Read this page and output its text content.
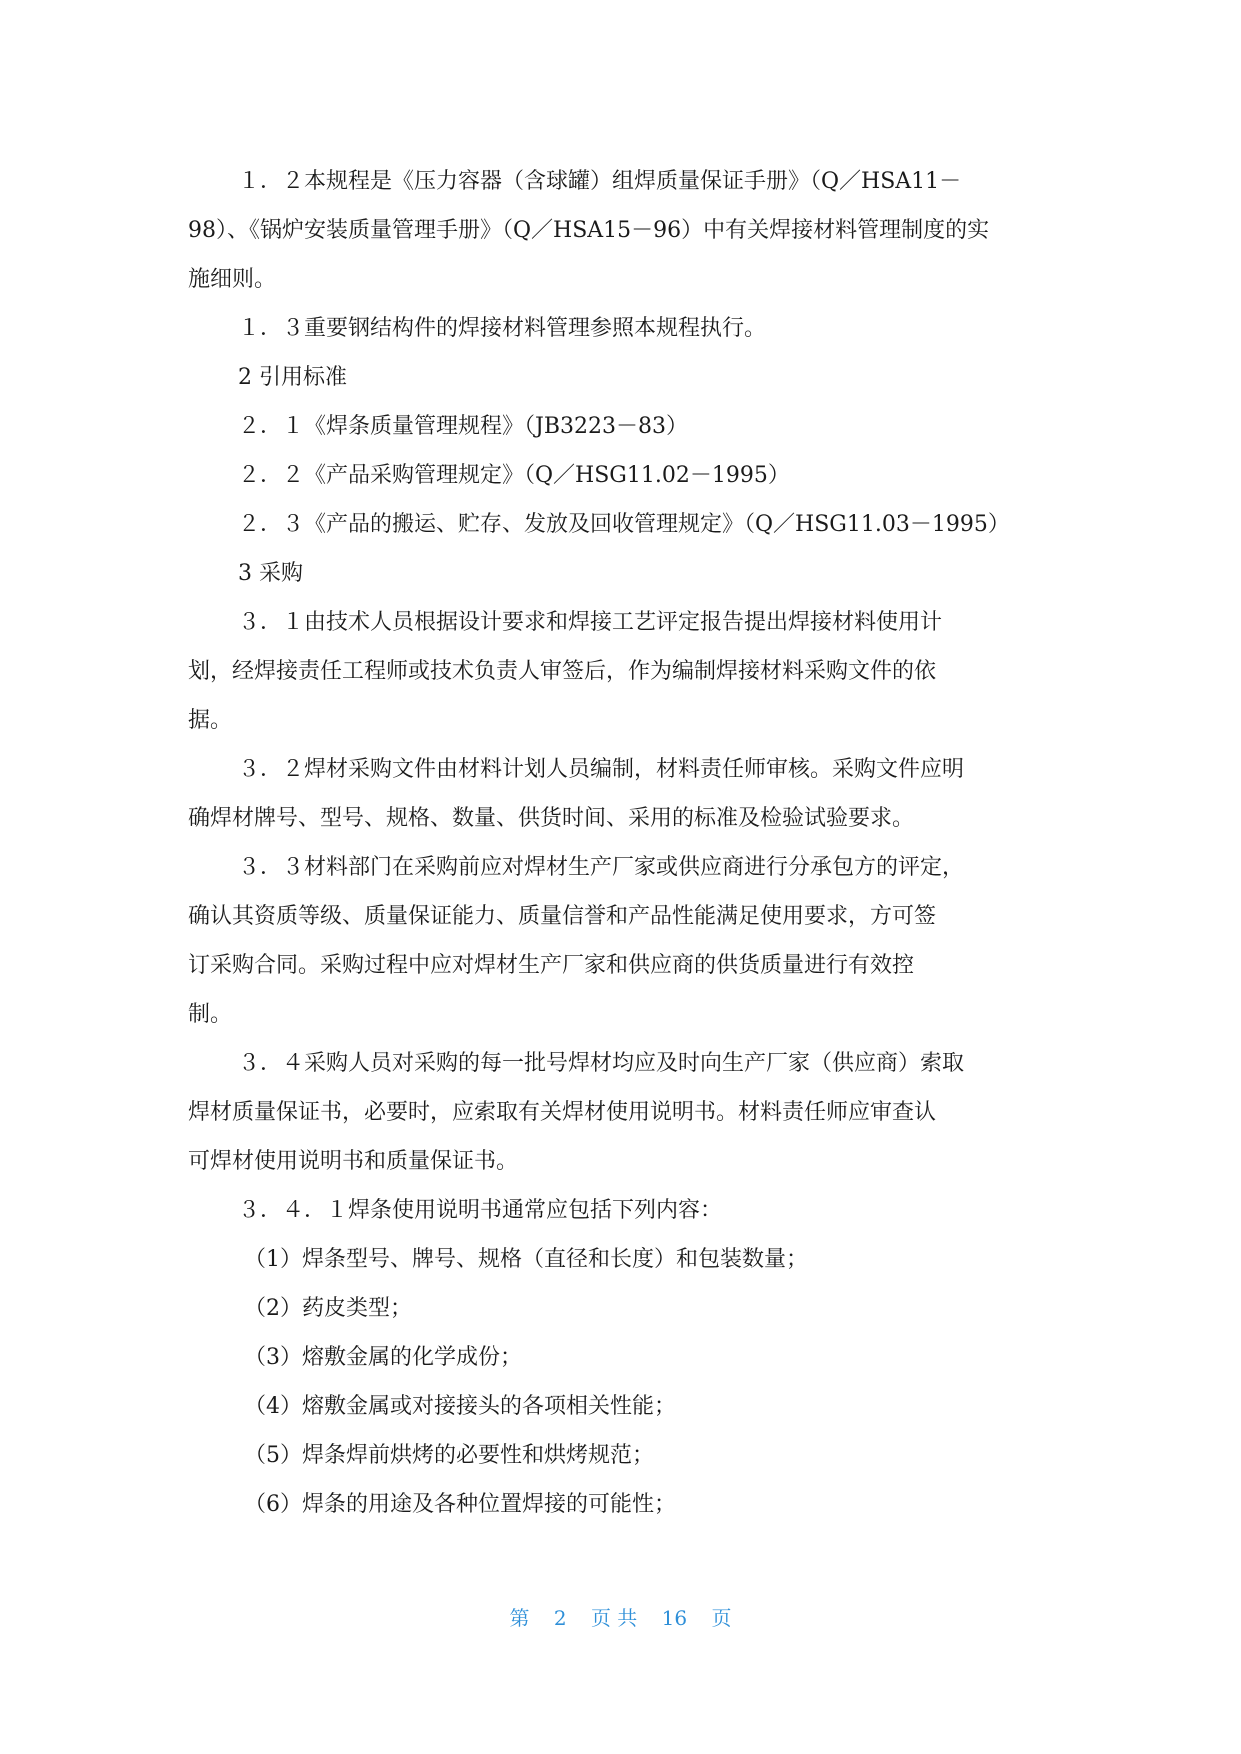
１．２本规程是《压力容器（含球罐）组焊质量保证手册》（Q／HSA11－

98）、《锅炉安装质量管理手册》（Q／HSA15－96）中有关焊接材料管理制度的实

施细则。

１．３重要钢结构件的焊接材料管理参照本规程执行。

2 引用标准

２．１《焊条质量管理规程》（JB3223－83）

２．２《产品采购管理规定》（Q／HSG11.02－1995）

２．３《产品的搬运、贮存、发放及回收管理规定》（Q／HSG11.03－1995）

3 采购

３．１由技术人员根据设计要求和焊接工艺评定报告提出焊接材料使用计

划，经焊接责任工程师或技术负责人审签后，作为编制焊接材料采购文件的依

据。

３．２焊材采购文件由材料计划人员编制，材料责任师审核。采购文件应明

确焊材牌号、型号、规格、数量、供货时间、采用的标准及检验试验要求。

３．３材料部门在采购前应对焊材生产厂家或供应商进行分承包方的评定，

确认其资质等级、质量保证能力、质量信誉和产品性能满足使用要求，方可签

订采购合同。采购过程中应对焊材生产厂家和供应商的供货质量进行有效控

制。

３．４采购人员对采购的每一批号焊材均应及时向生产厂家（供应商）索取

焊材质量保证书，必要时，应索取有关焊材使用说明书。材料责任师应审查认

可焊材使用说明书和质量保证书。

３．４．１焊条使用说明书通常应包括下列内容：

（1）焊条型号、牌号、规格（直径和长度）和包装数量；

（2）药皮类型；

（3）熔敷金属的化学成份；

（4）熔敷金属或对接接头的各项相关性能；

（5）焊条焊前烘烤的必要性和烘烤规范；

（6）焊条的用途及各种位置焊接的可能性；

第 2 页 共 16 页
